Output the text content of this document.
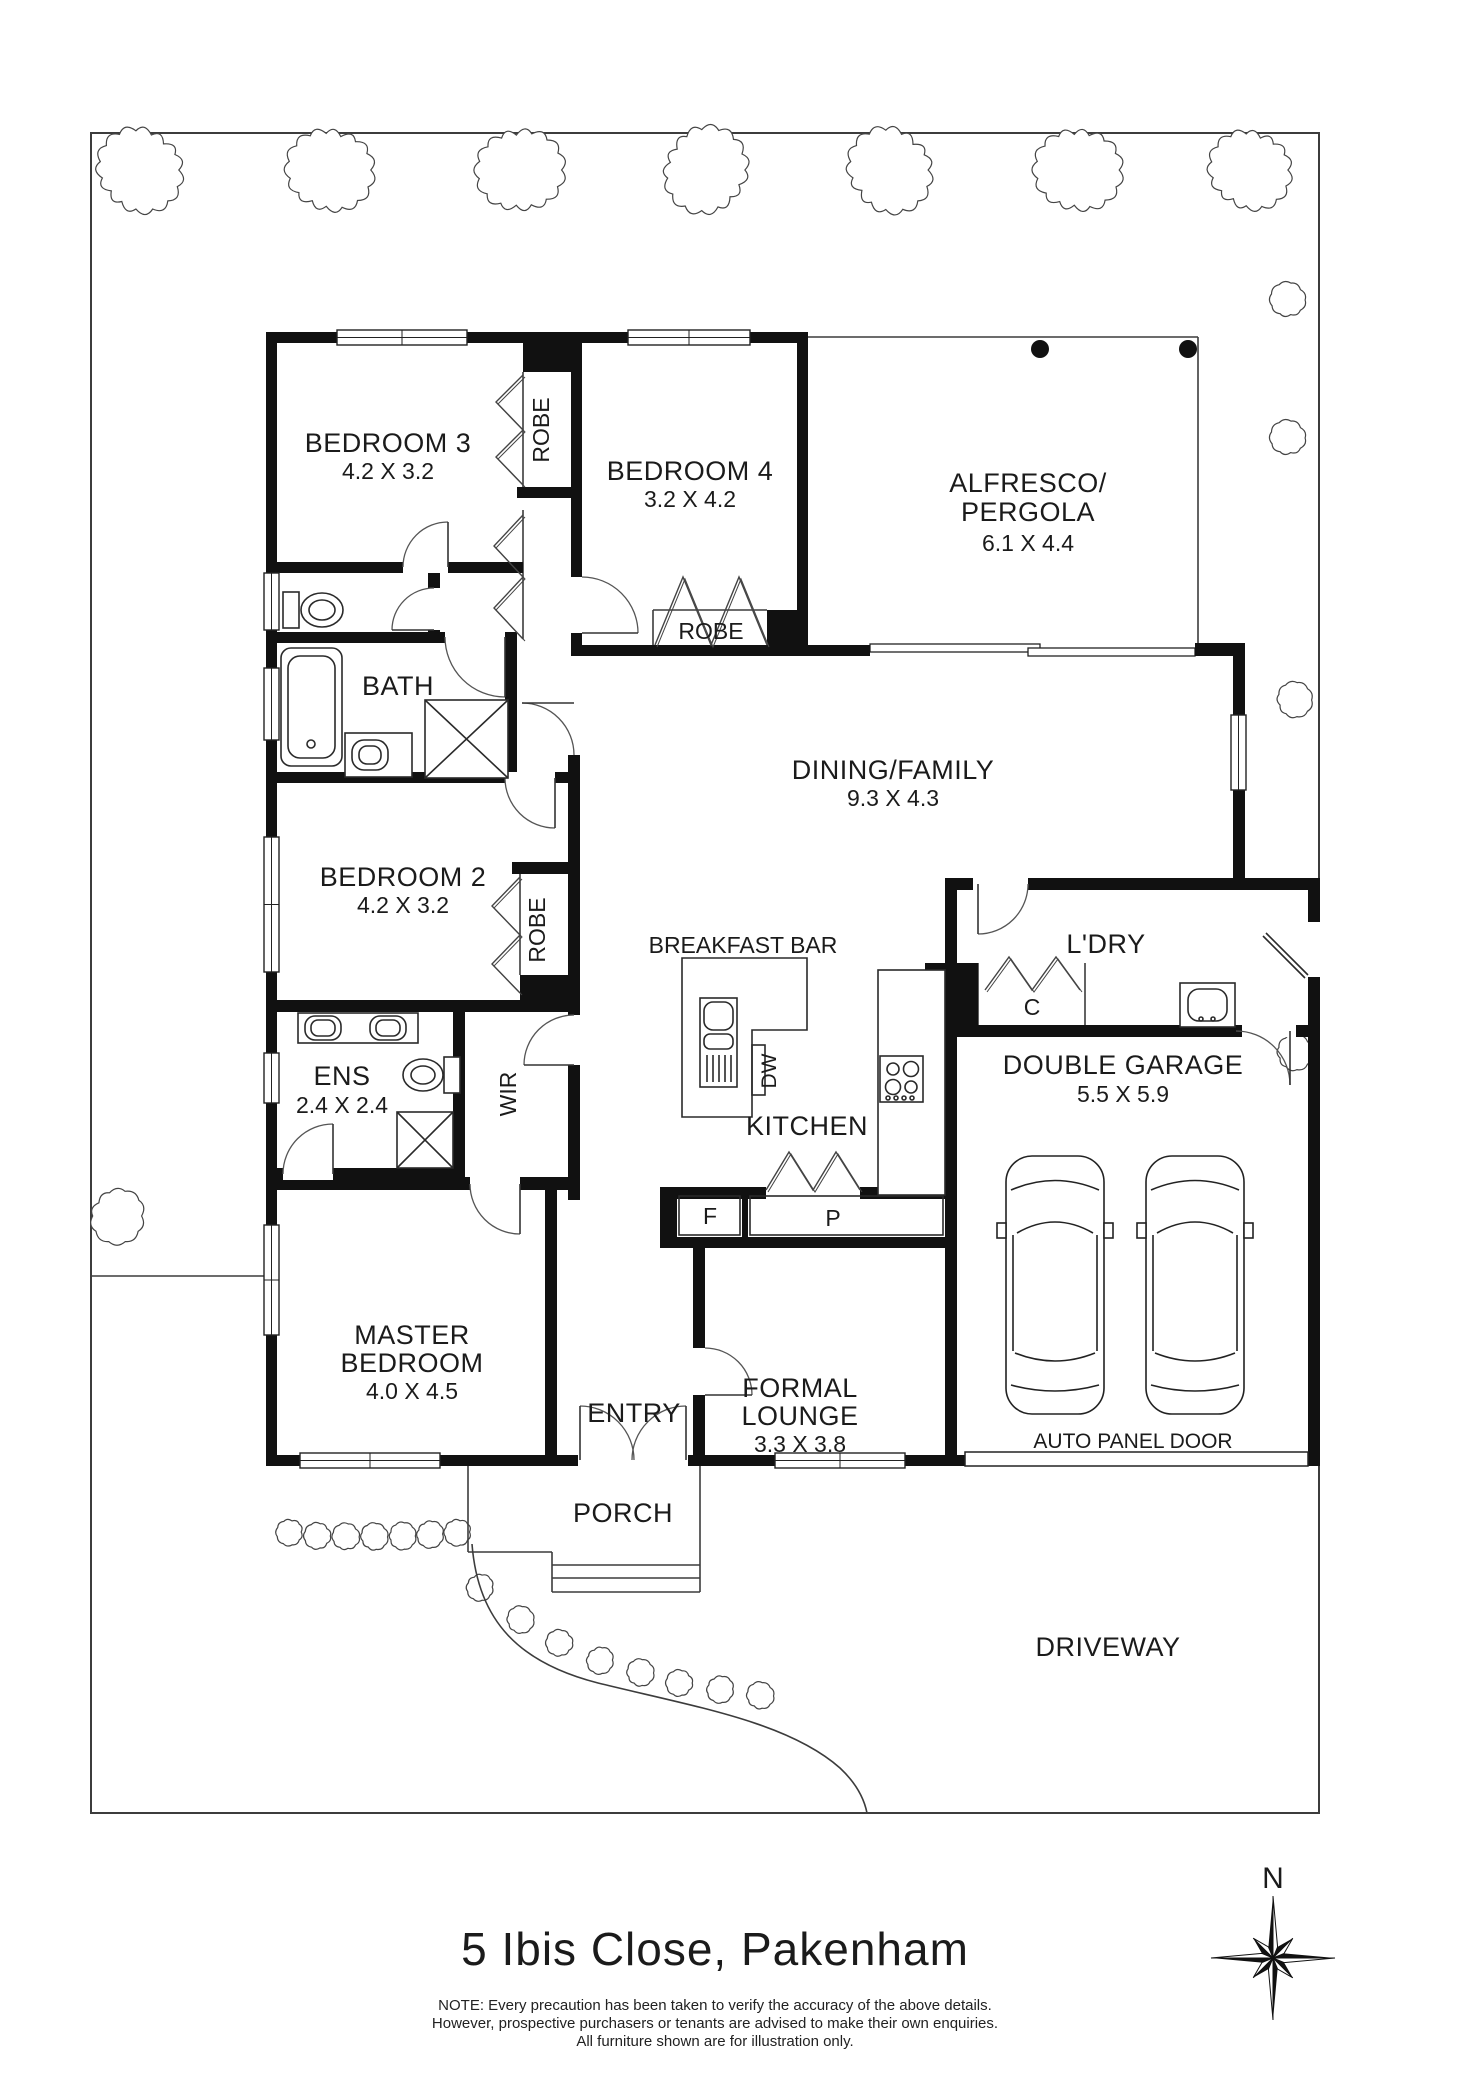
BEDROOM 3
4.2 X 3.2
ROBE
BEDROOM 4
3.2 X 4.2
ROBE
ALFRESCO/
PERGOLA
6.1 X 4.4
BATH
DINING/FAMILY
9.3 X 4.3
BEDROOM 2
4.2 X 3.2	ROBE	BREAKFAST BAR	L'DRY
C
ENS
2.4 X 2.4	WIR
DW
KITCHEN
DOUBLE GARAGE
5.5 X 5.9
F	P
MASTER
BEDROOM
4.0 X 4.5	FORMAL
LOUNGE
3.3 X 3.8
ENTRY
AUTO PANEL DOOR
PORCH
DRIVEWAY
5 Ibis Close, Pakenham
NOTE: Every precaution has been taken to verify the accuracy of the above details.
However, prospective purchasers or tenants are advised to make their own enquiries.
All furniture shown are for illustration only.
N
